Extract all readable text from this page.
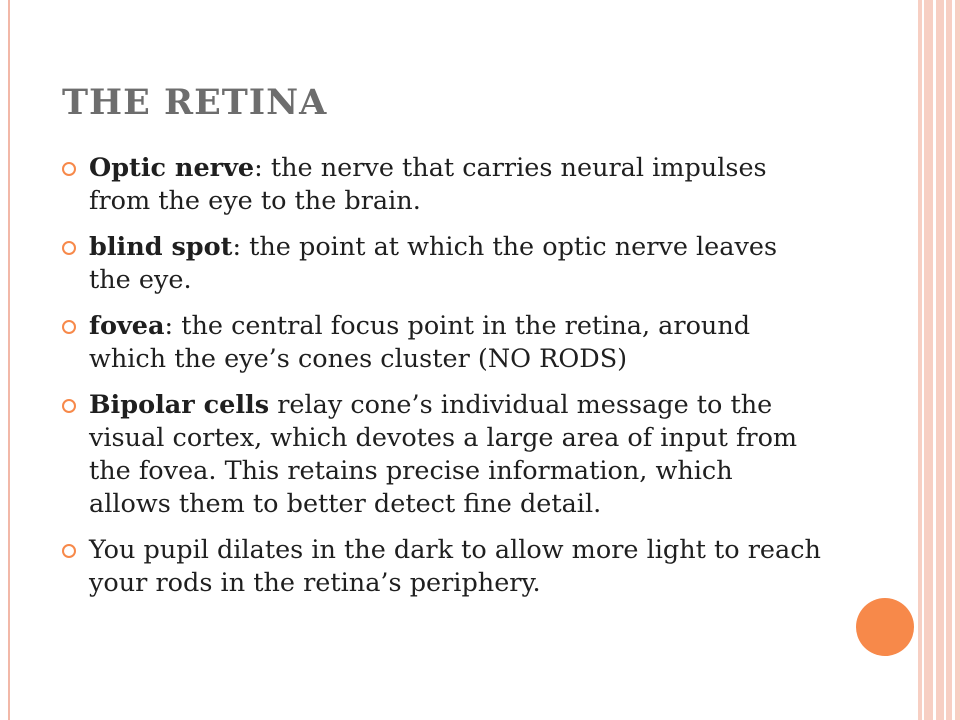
THE RETINA
Optic nerve: the nerve that carries neural impulses from the eye to the brain.
blind spot: the point at which the optic nerve leaves the eye.
fovea: the central focus point in the retina, around which the eye’s cones cluster (NO RODS)
Bipolar cells relay cone’s individual message to the visual cortex, which devotes a large area of input from the fovea. This retains precise information, which allows them to better detect fine detail.
You pupil dilates in the dark to allow more light to reach your rods in the retina’s periphery.
